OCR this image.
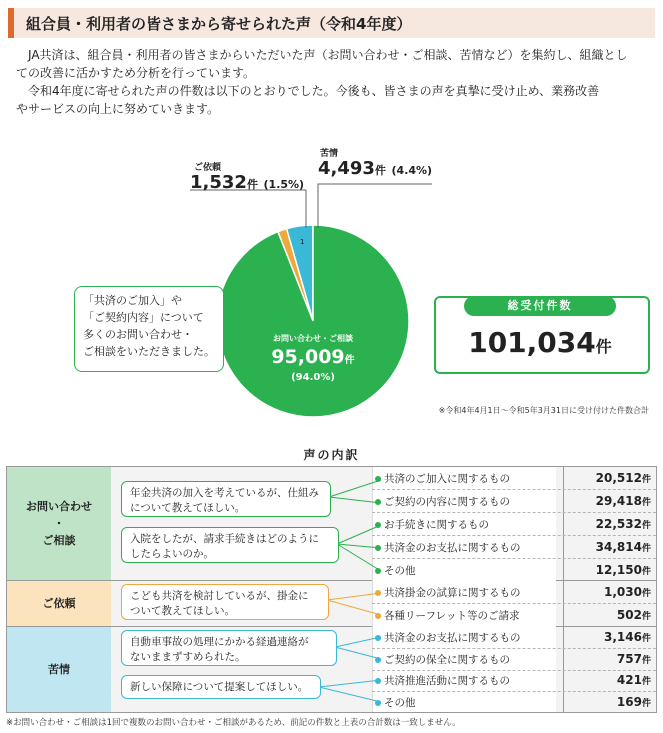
組合員・利用者の皆さまから寄せられた声（令和4年度）
JA共済は、組合員・利用者の皆さまからいただいた声（お問い合わせ・ご相談、苦情など）を集約し、組織とし
ての改善に活かすため分析を行っています。
令和4年度に寄せられた声の件数は以下のとおりでした。今後も、皆さまの声を真摯に受け止め、業務改善
やサービスの向上に努めていきます。
1
お問い合わせ・ご相談
95,009件
(94.0%)
ご依頼
1,532件 (1.5%)
苦情
4,493件 (4.4%)
「共済のご加入」や
「ご契約内容」について
多くのお問い合わせ・
ご相談をいただきました。
総受付件数
101,034件
※令和4年4月1日〜令和5年3月31日に受け付けた件数合計
声の内訳
お問い合わせ
・
ご相談
ご依頼
苦情
年金共済の加入を考えているが、仕組み
について教えてほしい。
入院をしたが、請求手続きはどのように
したらよいのか。
こども共済を検討しているが、掛金に
ついて教えてほしい。
自動車事故の処理にかかる経過連絡が
ないままずすめられた。
新しい保障について提案してほしい。
共済のご加入に関するもの	20,512件
ご契約の内容に関するもの	29,418件
お手続きに関するもの	22,532件
共済金のお支払に関するもの	34,814件
その他	12,150件
共済掛金の試算に関するもの	1,030件
各種リーフレット等のご請求	502件
共済金のお支払に関するもの	3,146件
ご契約の保全に関するもの	757件
共済推進活動に関するもの	421件
その他	169件
※お問い合わせ・ご相談は1回で複数のお問い合わせ・ご相談があるため、前記の件数と上表の合計数は一致しません。
